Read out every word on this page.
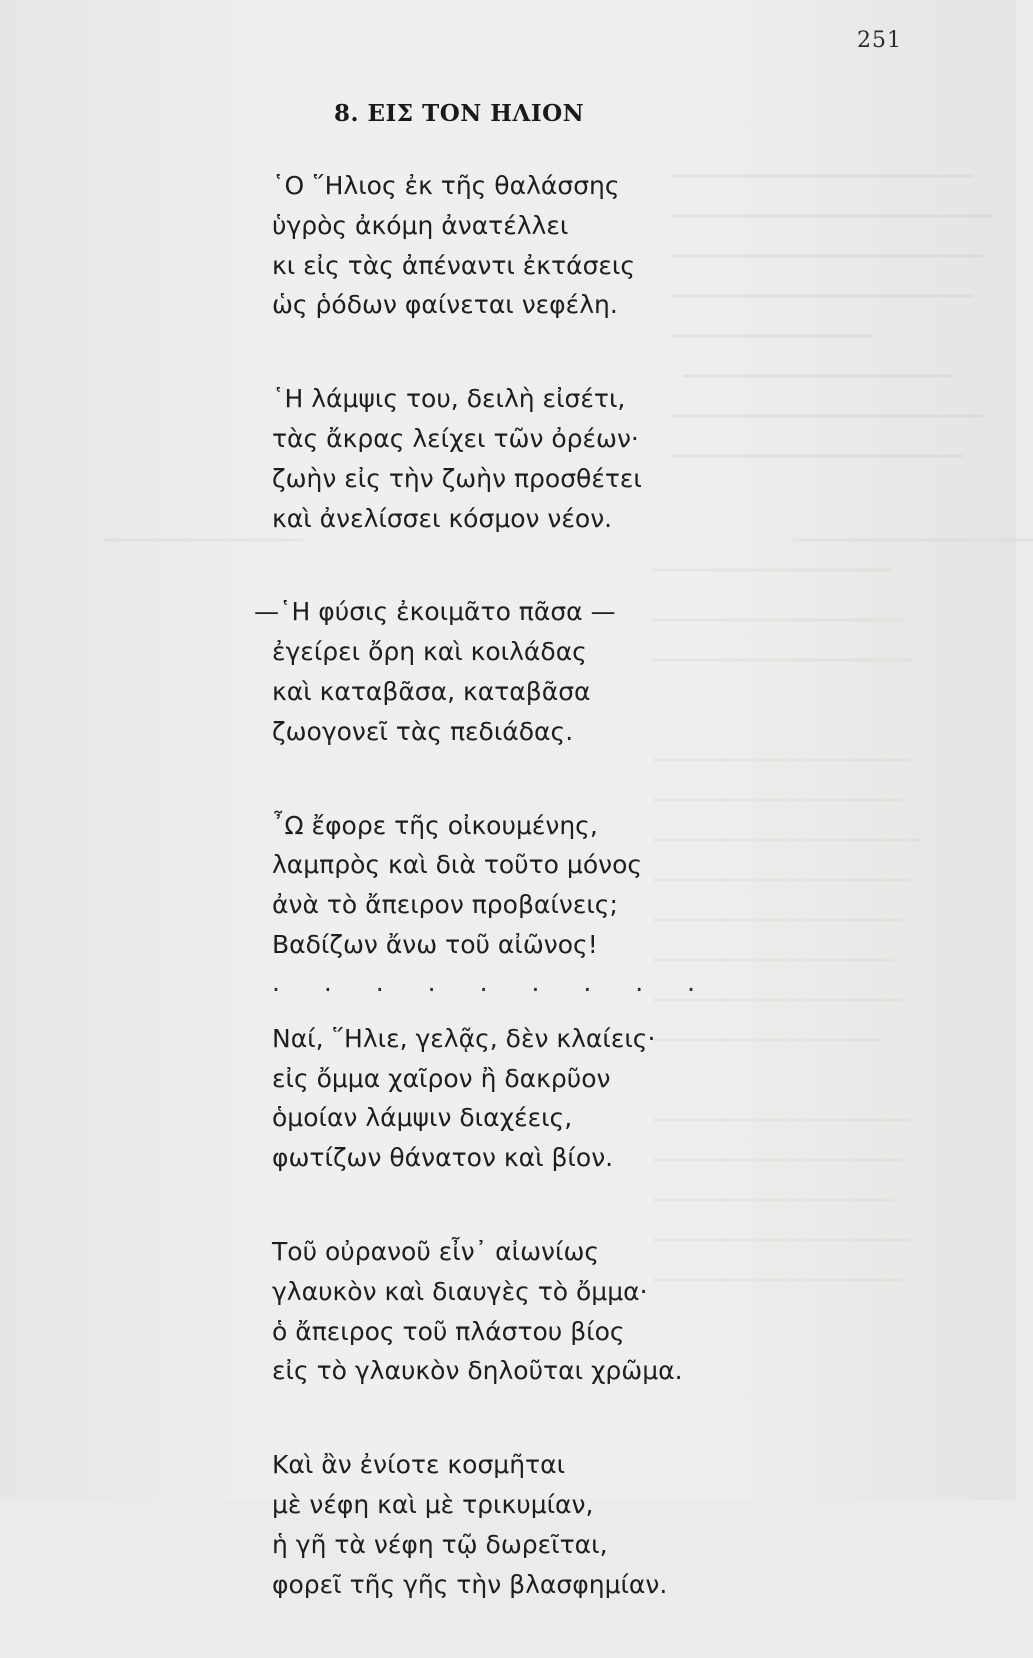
251
8. ΕΙΣ ΤΟΝ ΗΛΙΟΝ
῾Ο ῞Ηλιος ἐκ τῆς θαλάσσης
ὑγρὸς ἀκόμη ἀνατέλλει
κι εἰς τὰς ἀπέναντι ἐκτάσεις
ὡς ῥόδων φαίνεται νεφέλη.
῾Η λάμψις του, δειλὴ εἰσέτι,
τὰς ἄκρας λείχει τῶν ὀρέων·
ζωὴν εἰς τὴν ζωὴν προσθέτει
καὶ ἀνελίσσει κόσμον νέον.
—῾Η φύσις ἐκοιμᾶτο πᾶσα —
ἐγείρει ὄρη καὶ κοιλάδας
καὶ καταβᾶσα, καταβᾶσα
ζωογονεῖ τὰς πεδιάδας.
῏Ω ἔφορε τῆς οἰκουμένης,
λαμπρὸς καὶ διὰ τοῦτο μόνος
ἀνὰ τὸ ἄπειρον προβαίνεις;
Βαδίζων ἄνω τοῦ αἰῶνος!
. . . . . . . . .
Ναί, ῞Ηλιε, γελᾷς, δὲν κλαίεις·
εἰς ὄμμα χαῖρον ἢ δακρῦον
ὁμοίαν λάμψιν διαχέεις,
φωτίζων θάνατον καὶ βίον.
Τοῦ οὐρανοῦ εἶν᾿ αἰωνίως
γλαυκὸν καὶ διαυγὲς τὸ ὄμμα·
ὁ ἄπειρος τοῦ πλάστου βίος
εἰς τὸ γλαυκὸν δηλοῦται χρῶμα.
Καὶ ἂν ἐνίοτε κοσμῆται
μὲ νέφη καὶ μὲ τρικυμίαν,
ἡ γῆ τὰ νέφη τῷ δωρεῖται,
φορεῖ τῆς γῆς τὴν βλασφημίαν.
